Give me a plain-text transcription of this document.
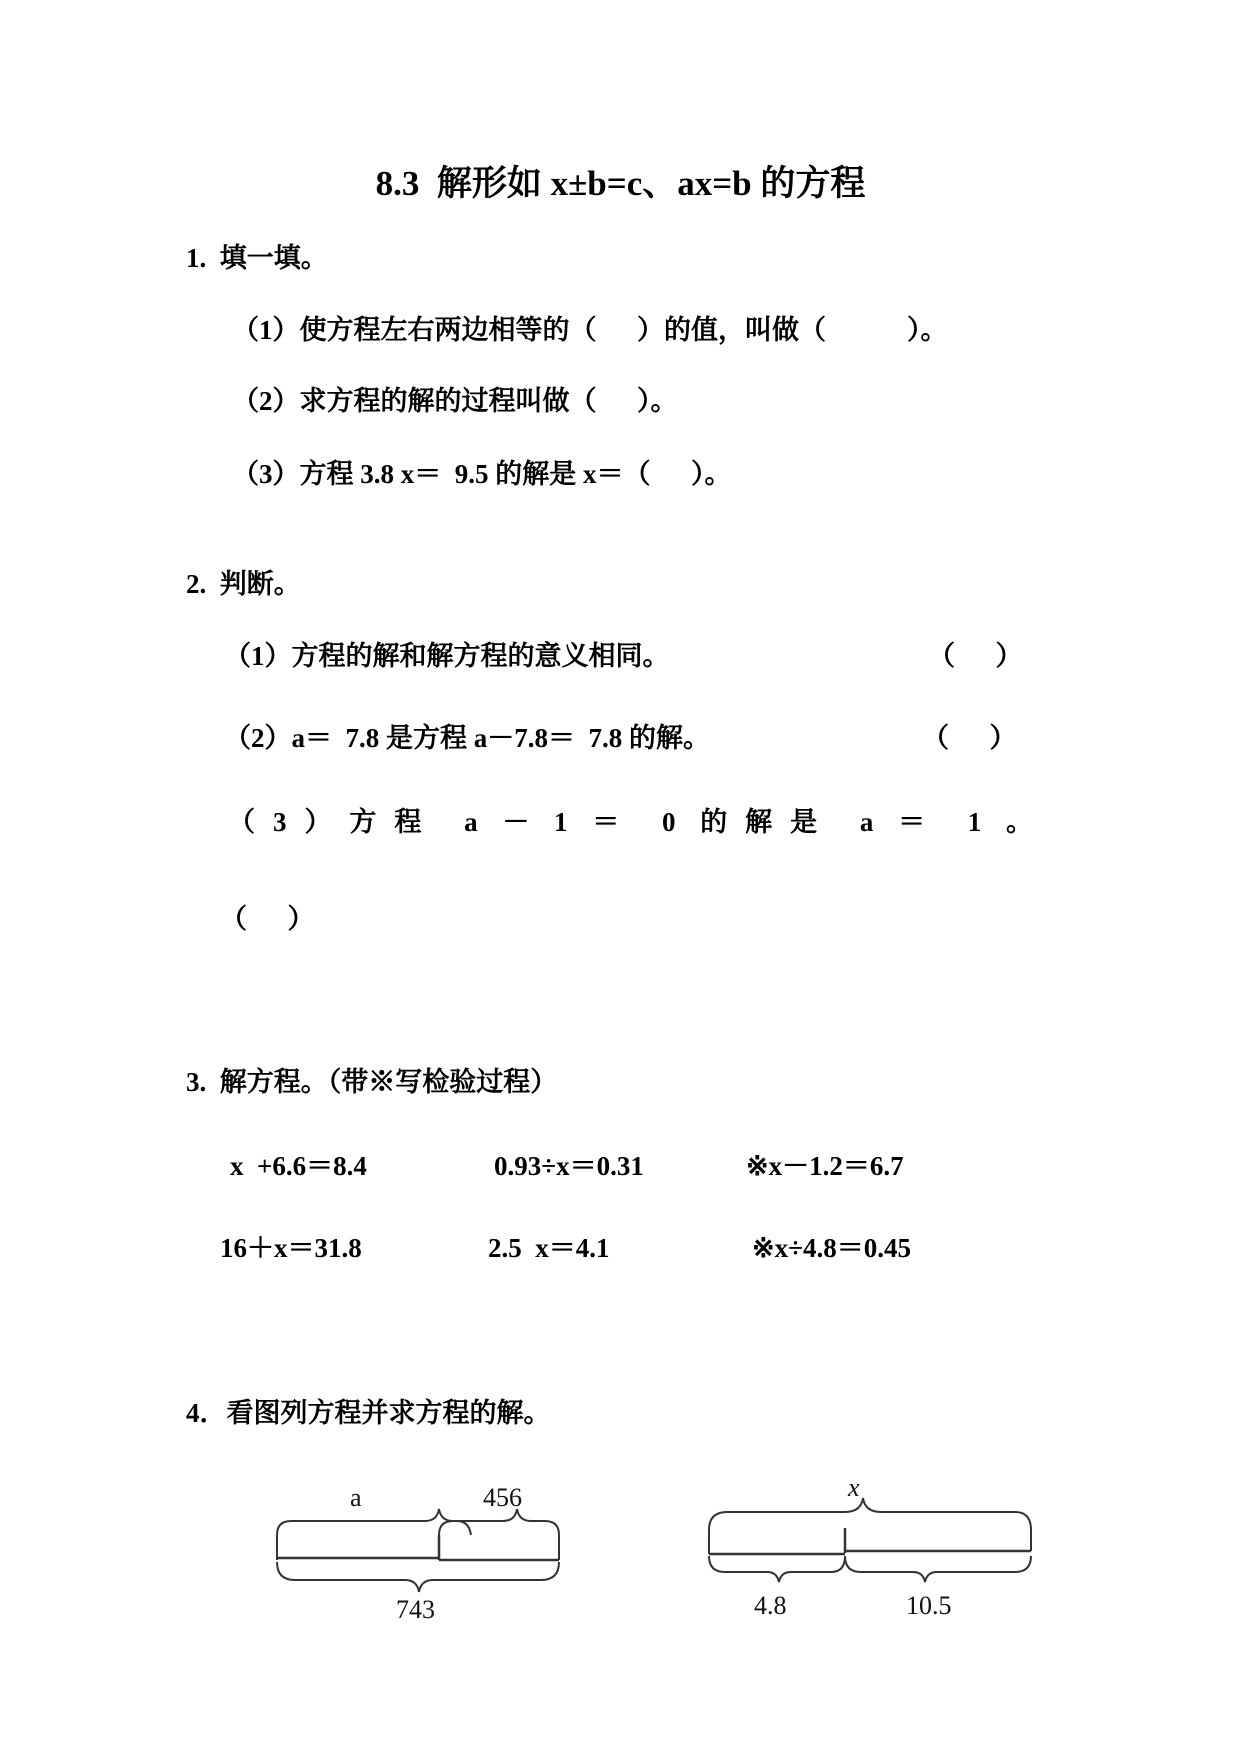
8.3  解形如 x±b=c、ax=b 的方程
1.  填一填。
（1）使方程左右两边相等的（      ）的值，叫做（            ）。
（2）求方程的解的过程叫做（      ）。
（3）方程 3.8 x＝  9.5 的解是 x＝（      ）。
2.  判断。
（1）方程的解和解方程的意义相同。	（      ）
（2）a＝  7.8 是方程 a－7.8＝  7.8 的解。	（      ）
（3）方程 a － 1 ＝ 0 的解是 a ＝ 1 。
（      ）
3.  解方程。（带※写检验过程）
x  +6.6＝8.4	0.93÷x＝0.31	※x－1.2＝6.7
16＋x＝31.8	2.5  x＝4.1	※x÷4.8＝0.45
4．看图列方程并求方程的解。
a	456
743
x
4.8	10.5
